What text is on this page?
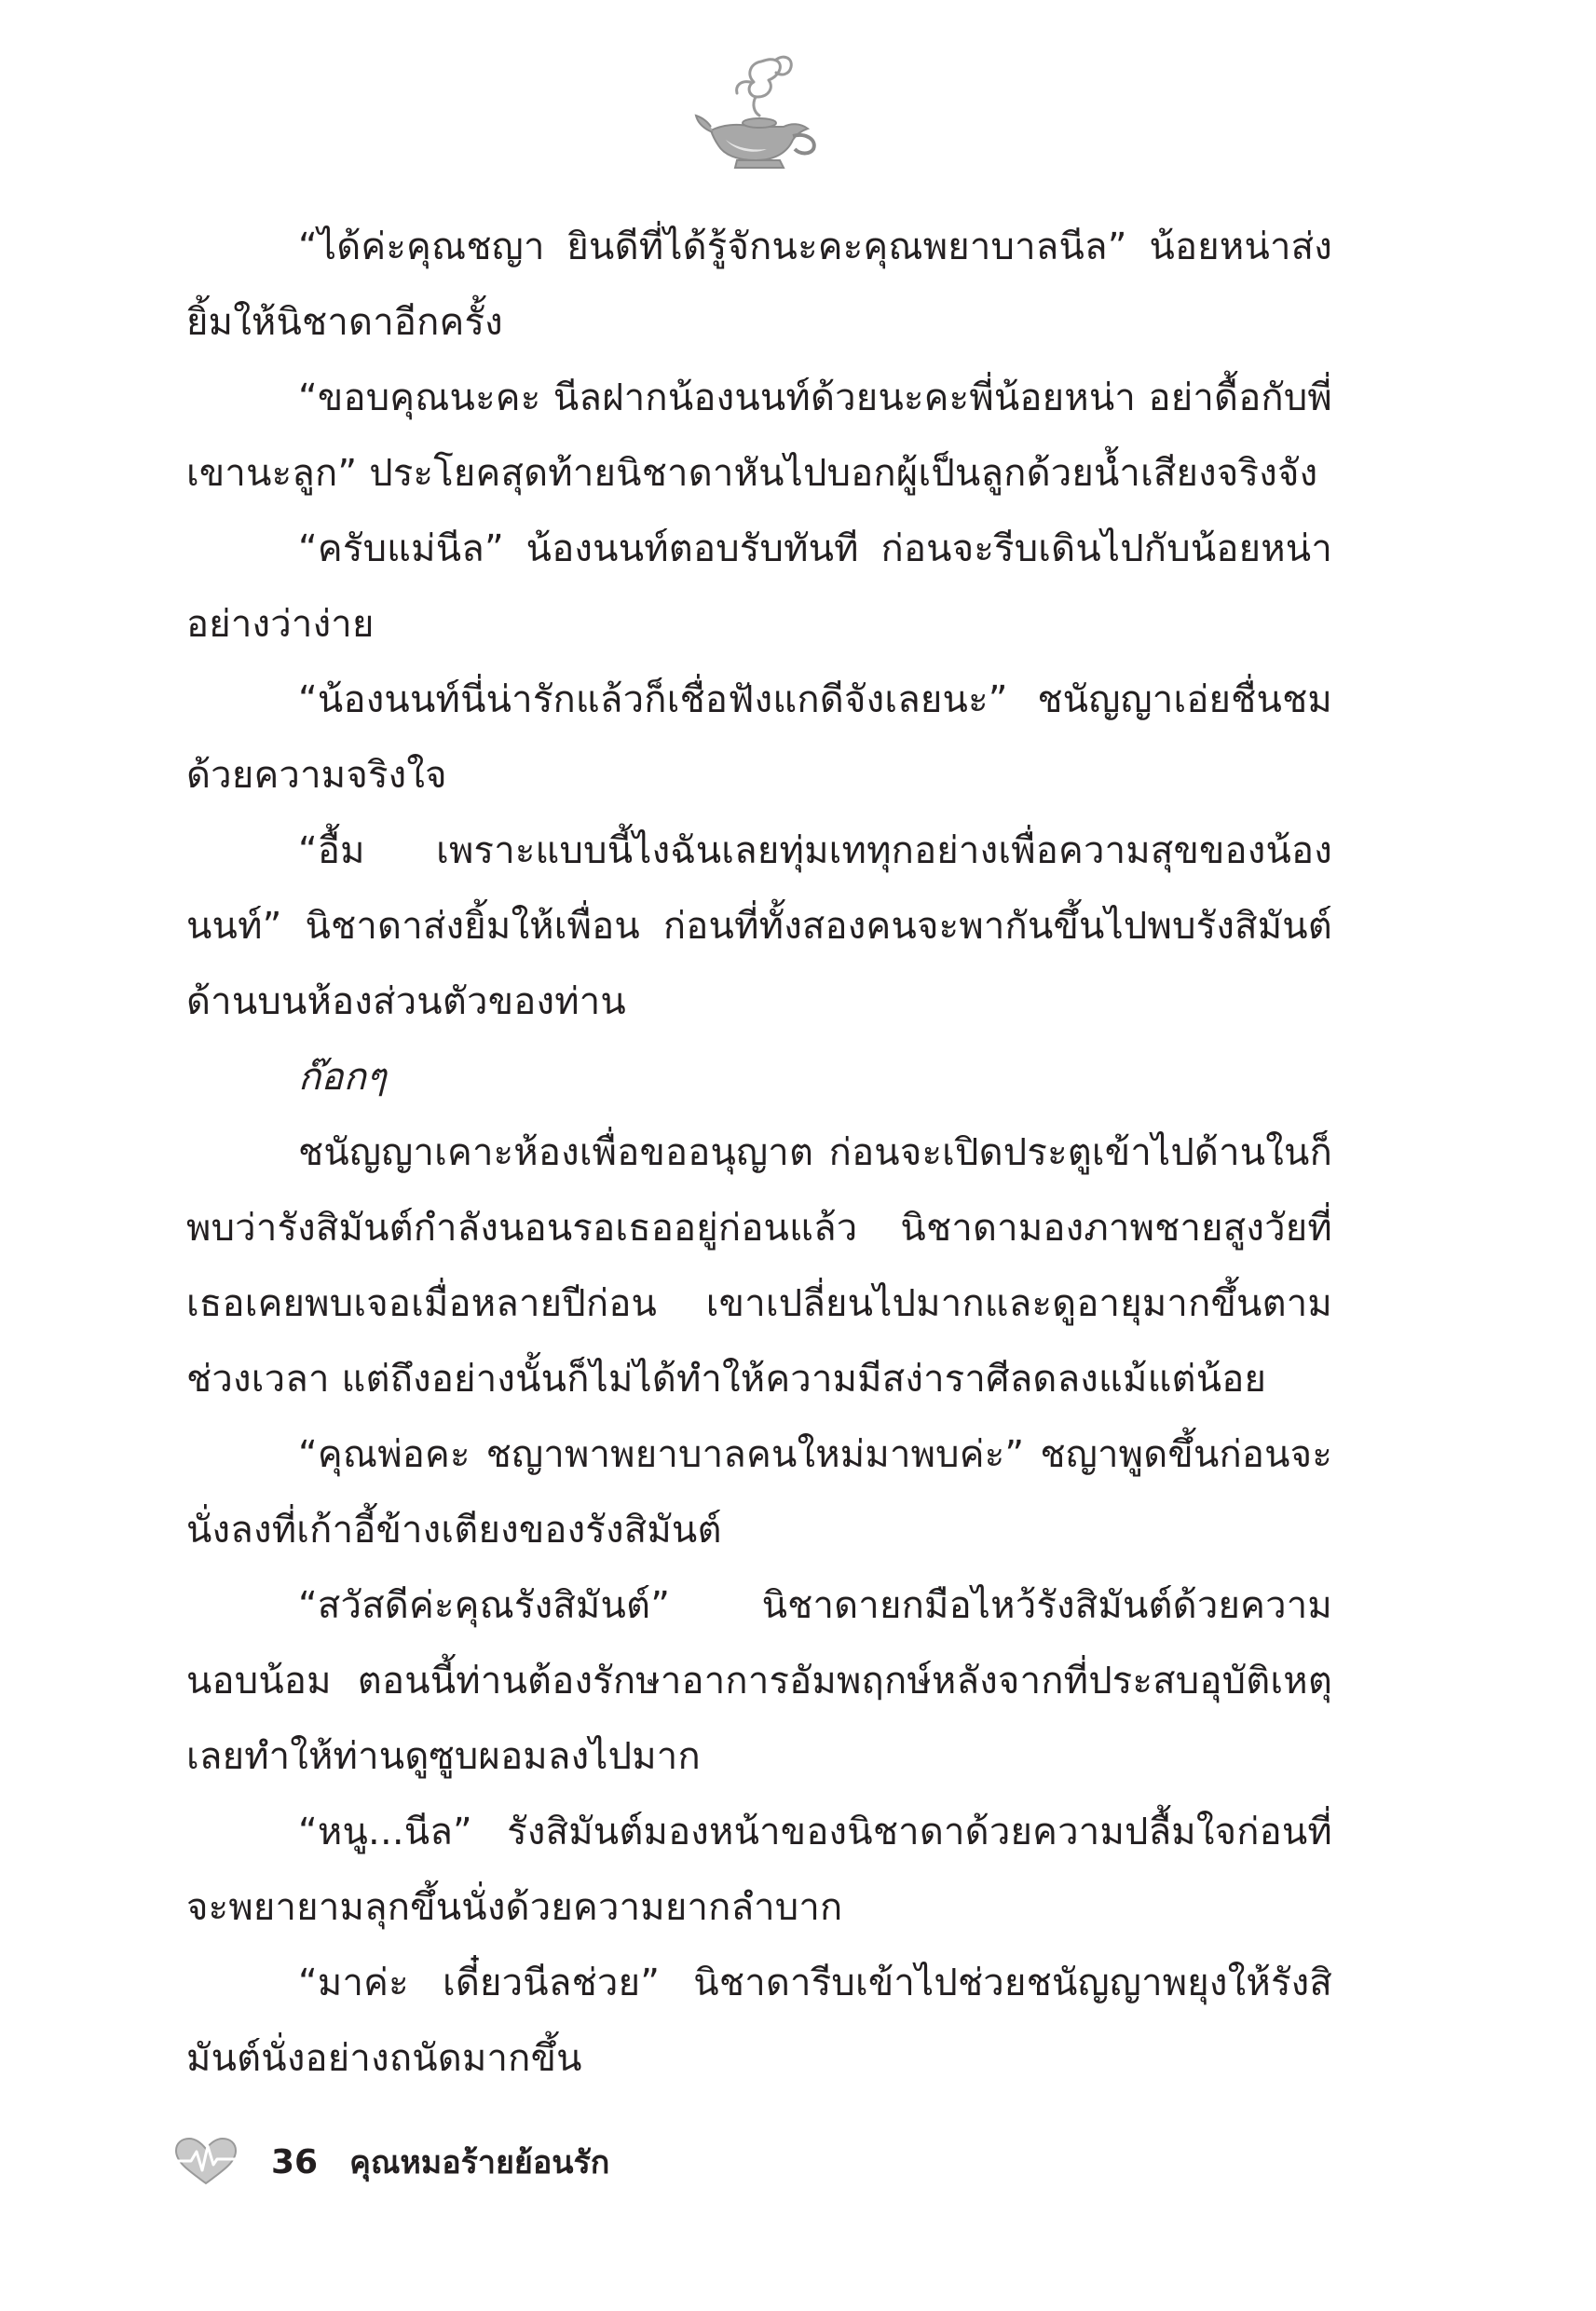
“ได้ค่ะคุณชญา ยินดีที่ได้รู้จักนะคะคุณพยาบาลนีล” น้อยหน่าส่งยิ้มให้นิชาดาอีกครั้ง

“ขอบคุณนะคะ นีลฝากน้องนนท์ด้วยนะคะพี่น้อยหน่า อย่าดื้อกับพี่เขานะลูก” ประโยคสุดท้ายนิชาดาหันไปบอกผู้เป็นลูกด้วยน้ำเสียงจริงจัง

“ครับแม่นีล” น้องนนท์ตอบรับทันที ก่อนจะรีบเดินไปกับน้อยหน่าอย่างว่าง่าย

“น้องนนท์นี่น่ารักแล้วก็เชื่อฟังแกดีจังเลยนะ” ชนัญญาเอ่ยชื่นชมด้วยความจริงใจ

“อื้ม เพราะแบบนี้ไงฉันเลยทุ่มเททุกอย่างเพื่อความสุขของน้องนนท์” นิชาดาส่งยิ้มให้เพื่อน ก่อนที่ทั้งสองคนจะพากันขึ้นไปพบรังสิมันต์ด้านบนห้องส่วนตัวของท่าน

ก๊อกๆ

ชนัญญาเคาะห้องเพื่อขออนุญาต ก่อนจะเปิดประตูเข้าไปด้านในก็พบว่ารังสิมันต์กำลังนอนรอเธออยู่ก่อนแล้ว นิชาดามองภาพชายสูงวัยที่เธอเคยพบเจอเมื่อหลายปีก่อน เขาเปลี่ยนไปมากและดูอายุมากขึ้นตามช่วงเวลา แต่ถึงอย่างนั้นก็ไม่ได้ทำให้ความมีสง่าราศีลดลงแม้แต่น้อย

“คุณพ่อคะ ชญาพาพยาบาลคนใหม่มาพบค่ะ” ชญาพูดขึ้นก่อนจะนั่งลงที่เก้าอี้ข้างเตียงของรังสิมันต์

“สวัสดีค่ะคุณรังสิมันต์” นิชาดายกมือไหว้รังสิมันต์ด้วยความนอบน้อม ตอนนี้ท่านต้องรักษาอาการอัมพฤกษ์หลังจากที่ประสบอุบัติเหตุ เลยทำให้ท่านดูซูบผอมลงไปมาก

“หนู...นีล” รังสิมันต์มองหน้าของนิชาดาด้วยความปลื้มใจก่อนที่จะพยายามลุกขึ้นนั่งด้วยความยากลำบาก

“มาค่ะ เดี๋ยวนีลช่วย” นิชาดารีบเข้าไปช่วยชนัญญาพยุงให้รังสิมันต์นั่งอย่างถนัดมากขึ้น

36 คุณหมอร้ายย้อนรัก
